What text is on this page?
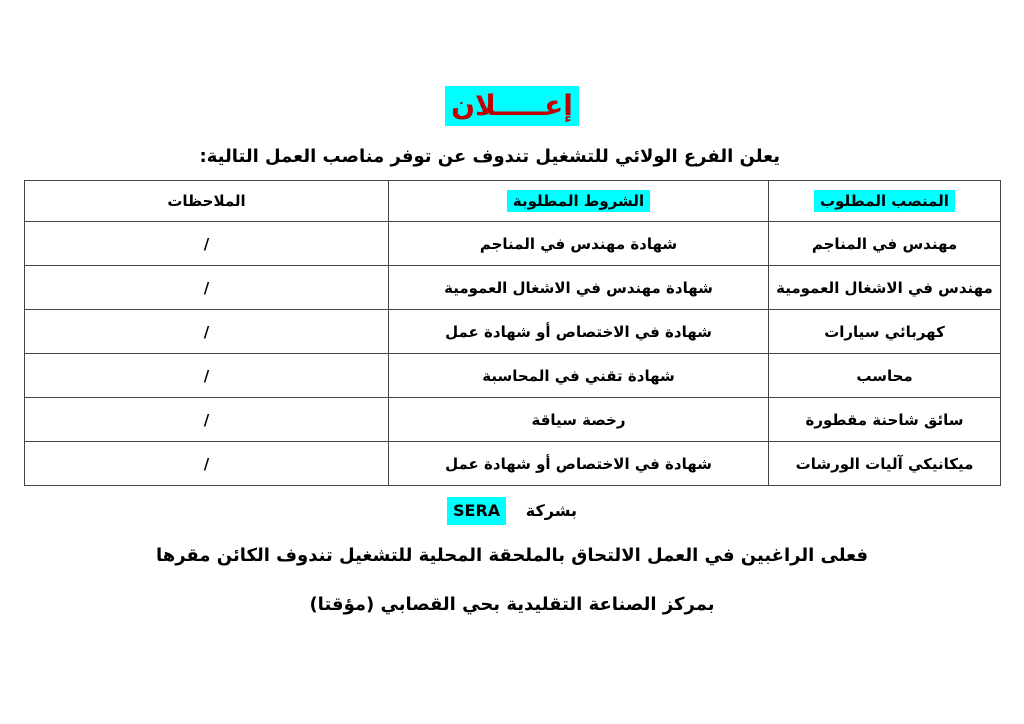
إعـــــلان
يعلن الفرع الولائي للتشغيل تندوف عن توفر مناصب العمل التالية:
المنصب المطلوب	الشروط المطلوبة	الملاحظات
مهندس في المناجم	شهادة مهندس في المناجم	/
مهندس في الاشغال العمومية	شهادة مهندس في الاشغال العمومية	/
كهربائي سيارات	شهادة في الاختصاص أو شهادة عمل	/
محاسب	شهادة تقني في المحاسبة	/
سائق شاحنة مقطورة	رخصة سياقة	/
ميكانيكي آليات الورشات	شهادة في الاختصاص أو شهادة عمل	/
بشركة SERA
فعلى الراغبين في العمل الالتحاق بالملحقة المحلية للتشغيل تندوف الكائن مقرها
بمركز الصناعة التقليدية بحي القصابي (مؤقتا)
